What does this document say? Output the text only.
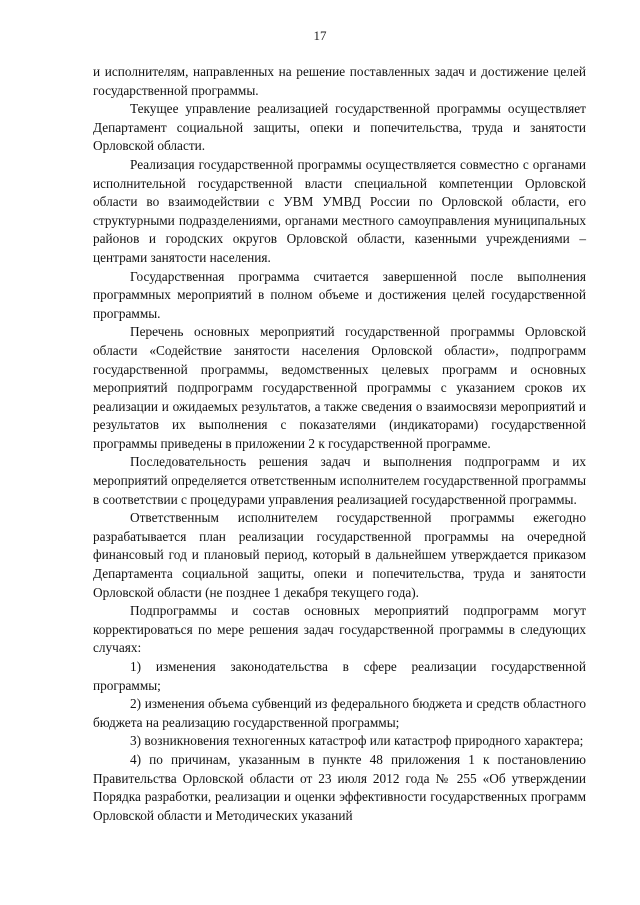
17

и исполнителям, направленных на решение поставленных задач и достижение целей государственной программы.

Текущее управление реализацией государственной программы осуществляет Департамент социальной защиты, опеки и попечительства, труда и занятости Орловской области.

Реализация государственной программы осуществляется совместно с органами исполнительной государственной власти специальной компетенции Орловской области во взаимодействии с УВМ УМВД России по Орловской области, его структурными подразделениями, органами местного самоуправления муниципальных районов и городских округов Орловской области, казенными учреждениями – центрами занятости населения.

Государственная программа считается завершенной после выполнения программных мероприятий в полном объеме и достижения целей государственной программы.

Перечень основных мероприятий государственной программы Орловской области «Содействие занятости населения Орловской области», подпрограмм государственной программы, ведомственных целевых программ и основных мероприятий подпрограмм государственной программы с указанием сроков их реализации и ожидаемых результатов, а также сведения о взаимосвязи мероприятий и результатов их выполнения с показателями (индикаторами) государственной программы приведены в приложении 2 к государственной программе.

Последовательность решения задач и выполнения подпрограмм и их мероприятий определяется ответственным исполнителем государственной программы в соответствии с процедурами управления реализацией государственной программы.

Ответственным исполнителем государственной программы ежегодно разрабатывается план реализации государственной программы на очередной финансовый год и плановый период, который в дальнейшем утверждается приказом Департамента социальной защиты, опеки и попечительства, труда и занятости Орловской области (не позднее 1 декабря текущего года).

Подпрограммы и состав основных мероприятий подпрограмм могут корректироваться по мере решения задач государственной программы в следующих случаях:

1) изменения законодательства в сфере реализации государственной программы;

2) изменения объема субвенций из федерального бюджета и средств областного бюджета на реализацию государственной программы;

3) возникновения техногенных катастроф или катастроф природного характера;

4) по причинам, указанным в пункте 48 приложения 1 к постановлению Правительства Орловской области от 23 июля 2012 года № 255 «Об утверждении Порядка разработки, реализации и оценки эффективности государственных программ Орловской области и Методических указаний
